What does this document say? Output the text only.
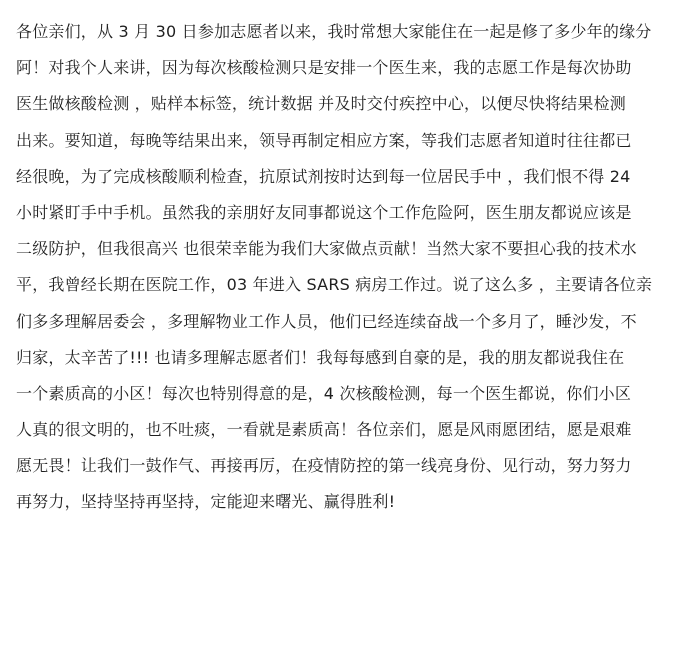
各位亲们，从 3 月 30 日参加志愿者以来，我时常想大家能住在一起是修了多少年的缘分
阿！对我个人来讲，因为每次核酸检测只是安排一个医生来，我的志愿工作是每次协助
医生做核酸检测 ，贴样本标签，统计数据 并及时交付疾控中心，以便尽快将结果检测
出来。要知道，每晚等结果出来，领导再制定相应方案，等我们志愿者知道时往往都已
经很晚，为了完成核酸顺利检查，抗原试剂按时达到每一位居民手中 ，我们恨不得 24
小时紧盯手中手机。虽然我的亲朋好友同事都说这个工作危险阿，医生朋友都说应该是
二级防护，但我很高兴 也很荣幸能为我们大家做点贡献！当然大家不要担心我的技术水
平，我曾经长期在医院工作，03 年进入 SARS 病房工作过。说了这么多 ，主要请各位亲
们多多理解居委会 ，多理解物业工作人员，他们已经连续奋战一个多月了，睡沙发，不
归家，太辛苦了!!! 也请多理解志愿者们！我每每感到自豪的是，我的朋友都说我住在
一个素质高的小区！每次也特别得意的是，4 次核酸检测，每一个医生都说，你们小区
人真的很文明的，也不吐痰，一看就是素质高！各位亲们，愿是风雨愿团结，愿是艰难
愿无畏！让我们一鼓作气、再接再厉，在疫情防控的第一线亮身份、见行动，努力努力
再努力，坚持坚持再坚持，定能迎来曙光、赢得胜利!
